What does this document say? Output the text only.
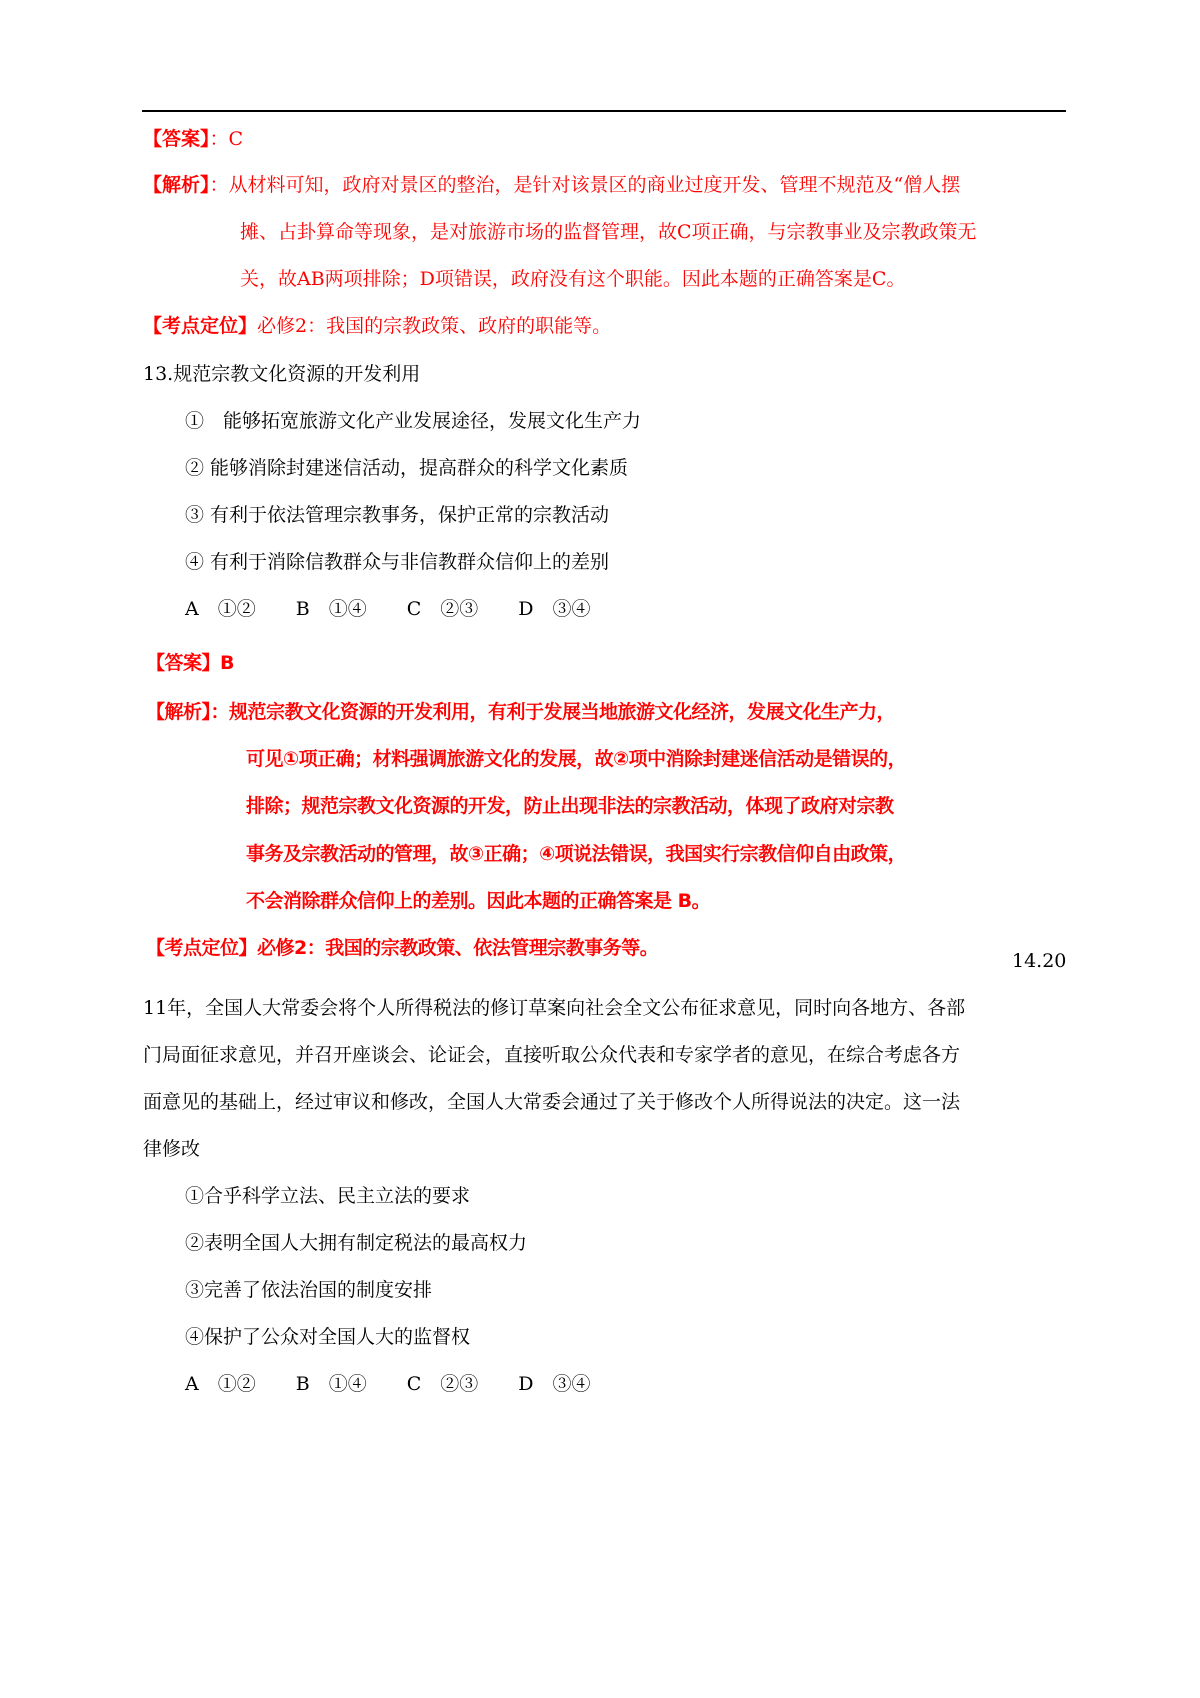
【答案】：C
【解析】：从材料可知，政府对景区的整治，是针对该景区的商业过度开发、管理不规范及“僧人摆
摊、占卦算命等现象，是对旅游市场的监督管理，故C项正确，与宗教事业及宗教政策无
关，故AB两项排除；D项错误，政府没有这个职能。因此本题的正确答案是C。
【考点定位】必修2：我国的宗教政策、政府的职能等。
13.规范宗教文化资源的开发利用
①　能够拓宽旅游文化产业发展途径，发展文化生产力
② 能够消除封建迷信活动，提高群众的科学文化素质
③ 有利于依法管理宗教事务，保护正常的宗教活动
④ 有利于消除信教群众与非信教群众信仰上的差别
A　①② B　①④ C　②③ D　③④
【答案】B
【解析】：规范宗教文化资源的开发利用，有利于发展当地旅游文化经济，发展文化生产力，
可见①项正确；材料强调旅游文化的发展，故②项中消除封建迷信活动是错误的，
排除；规范宗教文化资源的开发，防止出现非法的宗教活动，体现了政府对宗教
事务及宗教活动的管理，故③正确；④项说法错误，我国实行宗教信仰自由政策，
不会消除群众信仰上的差别。因此本题的正确答案是 B。
【考点定位】必修2：我国的宗教政策、依法管理宗教事务等。
14.20
11年，全国人大常委会将个人所得税法的修订草案向社会全文公布征求意见，同时向各地方、各部
门局面征求意见，并召开座谈会、论证会，直接听取公众代表和专家学者的意见，在综合考虑各方
面意见的基础上，经过审议和修改，全国人大常委会通过了关于修改个人所得说法的决定。这一法
律修改
①合乎科学立法、民主立法的要求
②表明全国人大拥有制定税法的最高权力
③完善了依法治国的制度安排
④保护了公众对全国人大的监督权
A　①② B　①④ C　②③ D　③④
